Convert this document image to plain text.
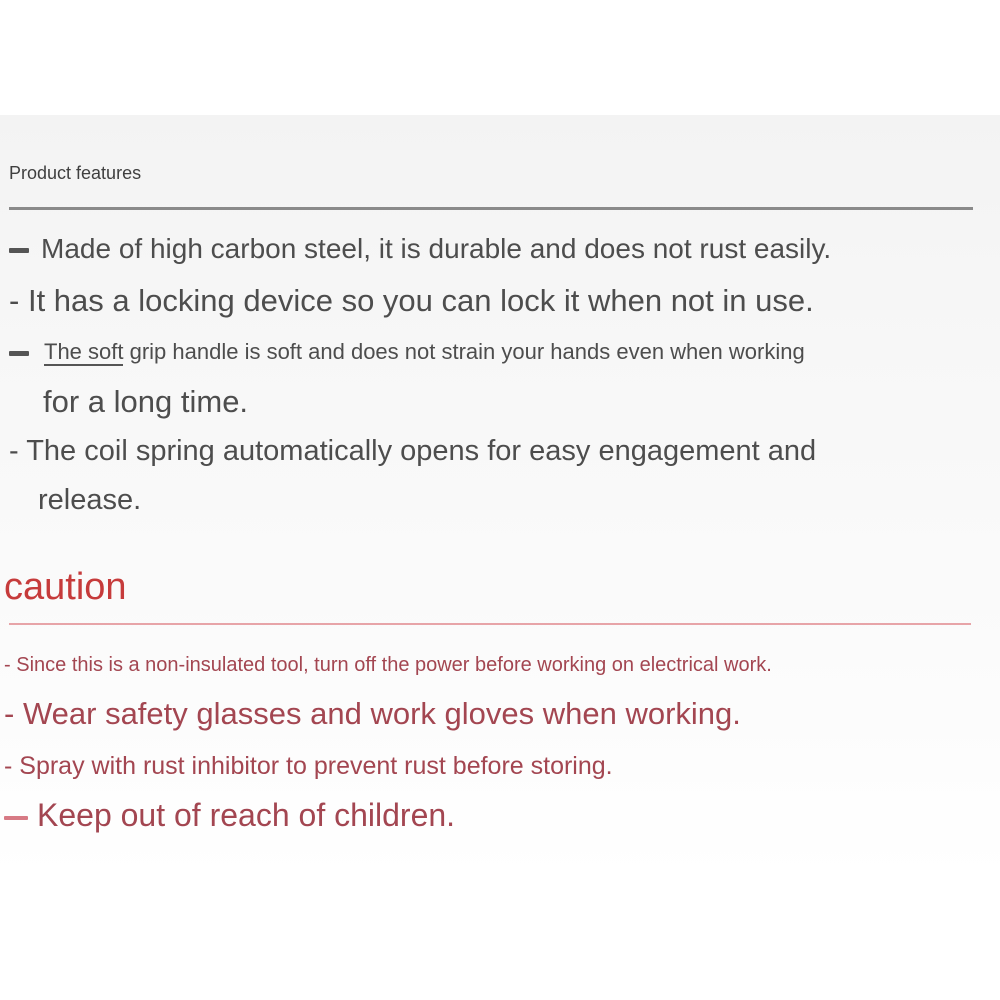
Product features
Made of high carbon steel, it is durable and does not rust easily.
- It has a locking device so you can lock it when not in use.
The soft grip handle is soft and does not strain your hands even when working
for a long time.
- The coil spring automatically opens for easy engagement and
release.
caution
- Since this is a non-insulated tool, turn off the power before working on electrical work.
- Wear safety glasses and work gloves when working.
- Spray with rust inhibitor to prevent rust before storing.
Keep out of reach of children.
